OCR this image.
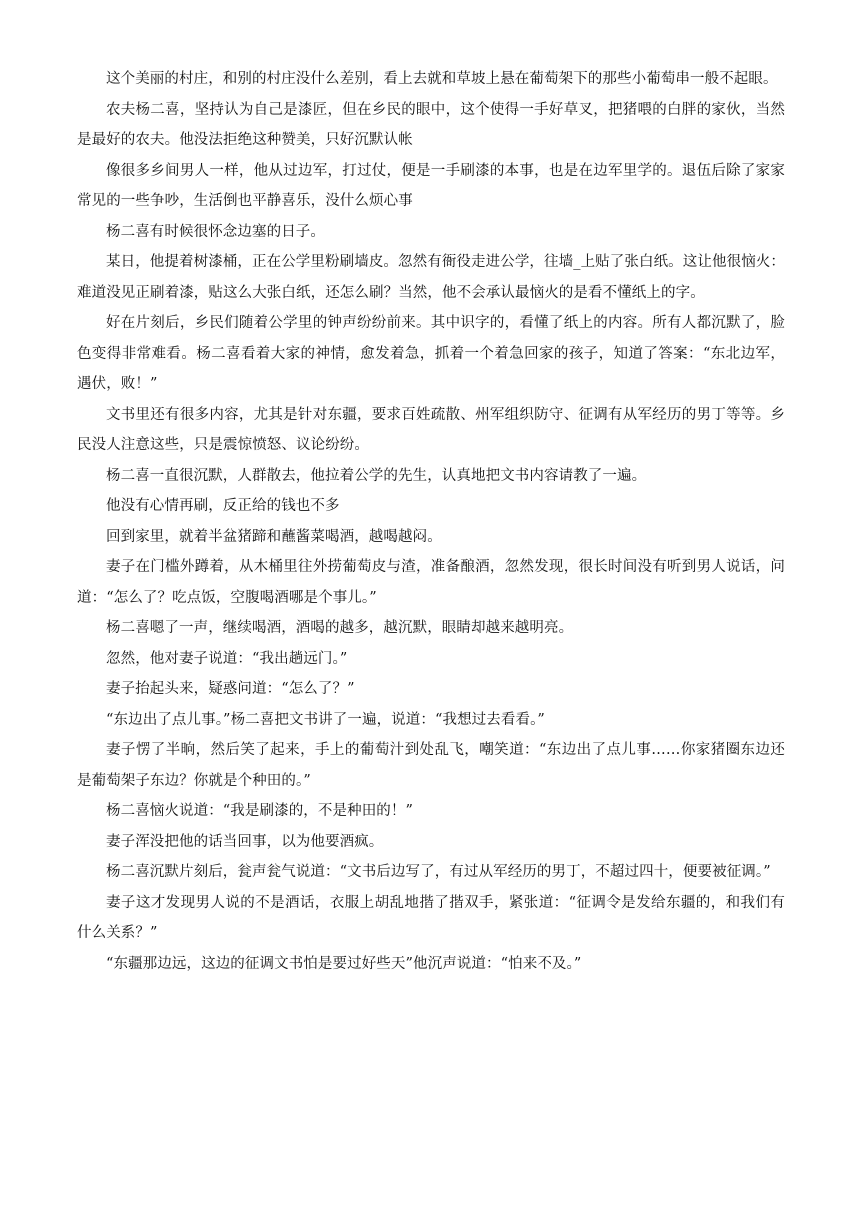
这个美丽的村庄，和别的村庄没什么差别，看上去就和草坡上悬在葡萄架下的那些小葡萄串一般不起眼。

农夫杨二喜，坚持认为自己是漆匠，但在乡民的眼中，这个使得一手好草叉，把猪喂的白胖的家伙，当然是最好的农夫。他没法拒绝这种赞美，只好沉默认帐

像很多乡间男人一样，他从过边军，打过仗，便是一手刷漆的本事，也是在边军里学的。退伍后除了家家常见的一些争吵，生活倒也平静喜乐，没什么烦心事

杨二喜有时候很怀念边塞的日子。

某日，他提着树漆桶，正在公学里粉刷墙皮。忽然有衙役走进公学，往墙_上贴了张白纸。这让他很恼火：难道没见正刷着漆，贴这么大张白纸，还怎么刷？当然，他不会承认最恼火的是看不懂纸上的字。

好在片刻后，乡民们随着公学里的钟声纷纷前来。其中识字的，看懂了纸上的内容。所有人都沉默了，脸色变得非常难看。杨二喜看着大家的神情，愈发着急，抓着一个着急回家的孩子，知道了答案：“东北边军，遇伏，败！”

文书里还有很多内容，尤其是针对东疆，要求百姓疏散、州军组织防守、征调有从军经历的男丁等等。乡民没人注意这些，只是震惊愤怒、议论纷纷。

杨二喜一直很沉默，人群散去，他拉着公学的先生，认真地把文书内容请教了一遍。

他没有心情再刷，反正给的钱也不多

回到家里，就着半盆猪蹄和蘸酱菜喝酒，越喝越闷。

妻子在门槛外蹲着，从木桶里往外捞葡萄皮与渣，准备酿酒，忽然发现，很长时间没有听到男人说话，问道：“怎么了？吃点饭，空腹喝酒哪是个事儿。”

杨二喜嗯了一声，继续喝酒，酒喝的越多，越沉默，眼睛却越来越明亮。

忽然，他对妻子说道：“我出趟远门。”

妻子抬起头来，疑惑问道：“怎么了？”

“东边出了点儿事。”杨二喜把文书讲了一遍，说道：“我想过去看看。”

妻子愣了半晌，然后笑了起来，手上的葡萄汁到处乱飞，嘲笑道：“东边出了点儿事……你家猪圈东边还是葡萄架子东边？你就是个种田的。”

杨二喜恼火说道：“我是刷漆的，不是种田的！”

妻子浑没把他的话当回事，以为他要酒疯。

杨二喜沉默片刻后，瓮声瓮气说道：“文书后边写了，有过从军经历的男丁，不超过四十，便要被征调。”

妻子这才发现男人说的不是酒话，衣服上胡乱地揩了揩双手，紧张道：“征调令是发给东疆的，和我们有什么关系？”

“东疆那边远，这边的征调文书怕是要过好些天”他沉声说道：“怕来不及。”
